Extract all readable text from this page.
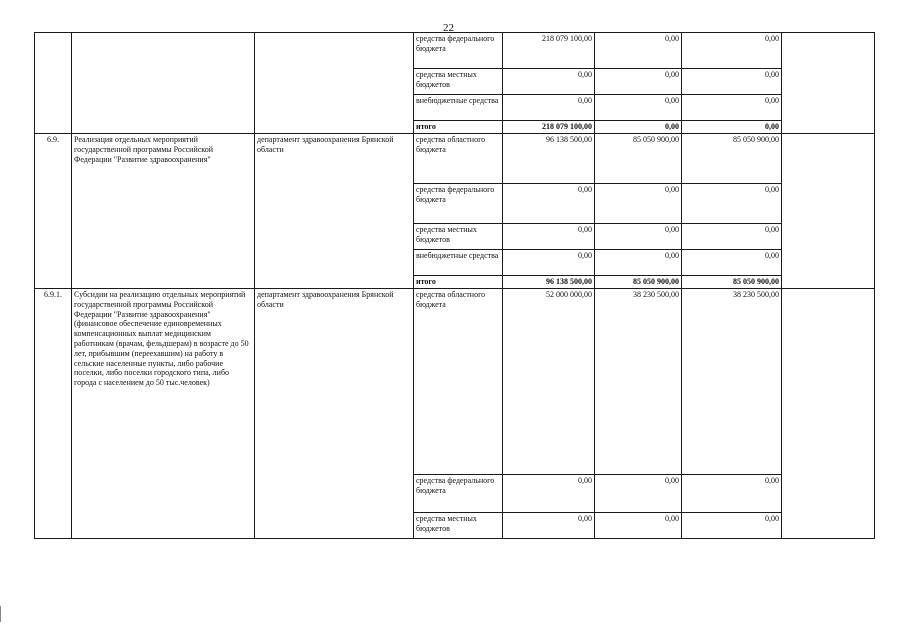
22
			средства федерального бюджета	218 079 100,00	0,00	0,00	
			средства местных бюджетов	0,00	0,00	0,00	
			внебюджетные средства	0,00	0,00	0,00	
			итого	218 079 100,00	0,00	0,00	
6.9.	Реализация отдельных мероприятий государственной программы Российской Федерации "Развитие здравоохранения"	департамент здравоохранения Брянской области	средства областного бюджета	96 138 500,00	85 050 900,00	85 050 900,00	
			средства федерального бюджета	0,00	0,00	0,00	
			средства местных бюджетов	0,00	0,00	0,00	
			внебюджетные средства	0,00	0,00	0,00	
			итого	96 138 500,00	85 050 900,00	85 050 900,00	
6.9.1.	Субсидии на реализацию отдельных мероприятий государственной программы Российской Федерации "Развитие здравоохранения" (финансовое обеспечение единовременных компенсационных выплат медицинским работникам (врачам, фельдшерам) в возрасте до 50 лет, прибывшим (переехавшим) на работу в сельские населенные пункты, либо рабочие поселки, либо поселки городского типа, либо города с населением до 50 тыс.человек)	департамент здравоохранения Брянской области	средства областного бюджета	52 000 000,00	38 230 500,00	38 230 500,00	
			средства федерального бюджета	0,00	0,00	0,00	
			средства местных бюджетов	0,00	0,00	0,00	
